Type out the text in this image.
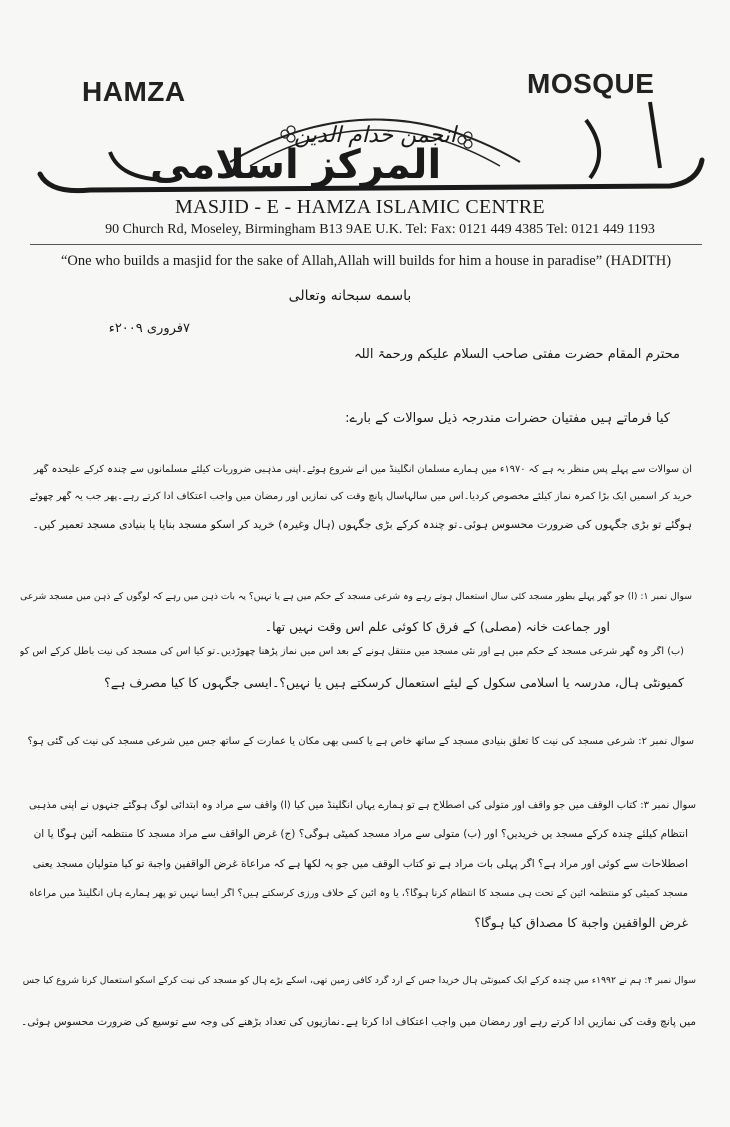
HAMZA	MOSQUE
انجمن خدام الدین
المرکز اسلامی
MASJID - E - HAMZA ISLAMIC CENTRE
90 Church Rd, Moseley, Birmingham B13 9AE U.K. Tel: Fax: 0121 449 4385 Tel: 0121 449 1193
“One who builds a masjid for the sake of Allah,Allah will builds for him a house in paradise” (HADITH)
باسمه سبحانه وتعالی
۷فروری ۲۰۰۹ء
محترم المقام حضرت مفتی صاحب السلام علیکم ورحمۃ اللہ
کیا فرماتے ہیں مفتیان حضرات مندرجہ ذیل سوالات کے بارے:
ان سوالات سے پہلے پس منظر یہ ہے کہ ۱۹۷۰ء میں ہمارے مسلمان انگلینڈ میں آنے شروع ہوئے۔اپنی مذہبی ضروریات کیلئے مسلمانوں سے چندہ کرکے علیحدہ گھر
خرید کر اسمیں ایک بڑا کمرہ نماز کیلئے مخصوص کردیا۔اس میں سالہاسال پانچ وقت کی نمازیں اور رمضان میں واجب اعتکاف ادا کرتے رہے۔پھر جب یہ گھر چھوٹے
ہوگئے تو بڑی جگہوں کی ضرورت محسوس ہوئی۔تو چندہ کرکے بڑی جگہوں (ہال وغیرہ) خرید کر اسکو مسجد بنایا یا بنیادی مسجد تعمیر کیں۔
سوال نمبر ۱: (ا) جو گھر پہلے بطور مسجد کئی سال استعمال ہوتے رہے وہ شرعی مسجد کے حکم میں ہے یا نہیں؟ یہ بات ذہن میں رہے کہ لوگوں کے ذہن میں مسجد شرعی
اور جماعت خانہ (مصلی) کے فرق کا کوئی علم اس وقت نہیں تھا۔
(ب) اگر وہ گھر شرعی مسجد کے حکم میں ہے اور نئی مسجد میں منتقل ہونے کے بعد اس میں نماز پڑھنا چھوڑدیں۔تو کیا اس کی مسجد کی نیت باطل کرکے اس کو
کمیونٹی ہال، مدرسہ یا اسلامی سکول کے لیئے استعمال کرسکتے ہیں یا نہیں؟۔ایسی جگہوں کا کیا مصرف ہے؟
سوال نمبر ۲: شرعی مسجد کی نیت کا تعلق بنیادی مسجد کے ساتھ خاص ہے یا کسی بھی مکان یا عمارت کے ساتھ جس میں شرعی مسجد کی نیت کی گئی ہو؟
سوال نمبر ۳: کتاب الوقف میں جو واقف اور متولی کی اصطلاح ہے تو ہمارے یہاں انگلینڈ میں کیا (ا) واقف سے مراد وہ ابتدائی لوگ ہوگئے جنہوں نے اپنی مذہبی
انتظام کیلئے چندہ کرکے مسجد یں خریدیں؟ اور (ب) متولی سے مراد مسجد کمیٹی ہوگی؟ (ج) غرض الواقف سے مراد مسجد کا منتظمہ آئین ہوگا یا ان
اصطلاحات سے کوئی اور مراد ہے؟ اگر پہلی بات مراد ہے تو کتاب الوقف میں جو یہ لکھا ہے کہ مراعاة غرض الواقفین واجبة تو کیا متولیان مسجد یعنی
مسجد کمیٹی کو منتظمہ آئین کے تحت ہی مسجد کا انتظام کرنا ہوگا؟، یا وہ آئین کے خلاف ورزی کرسکتے ہیں؟ اگر ایسا نہیں تو پھر ہمارے ہاں انگلینڈ میں مراعاة
غرض الواقفین واجبة کا مصداق کیا ہوگا؟
سوال نمبر ۴: ہم نے ۱۹۹۲ء میں چندہ کرکے ایک کمیونٹی ہال خریدا جس کے ارد گرد کافی زمین تھی، اسکے بڑے ہال کو مسجد کی نیت کرکے اسکو استعمال کرنا شروع کیا جس
میں پانچ وقت کی نمازیں ادا کرتے رہے اور رمضان میں واجب اعتکاف ادا کرتا ہے۔نمازیوں کی تعداد بڑھنے کی وجہ سے توسیع کی ضرورت محسوس ہوئی۔
